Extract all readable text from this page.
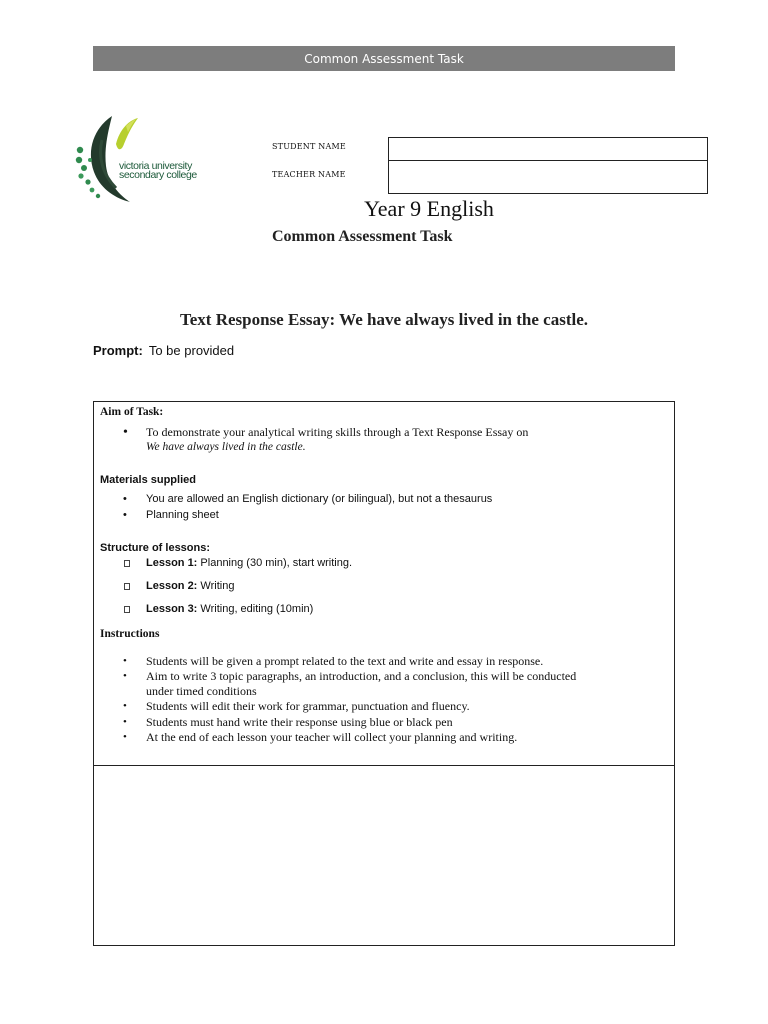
Common Assessment Task
victoria university
secondary college
STUDENT NAME
TEACHER NAME
Year 9 English
Common Assessment Task
Text Response Essay: We have always lived in the castle.
Prompt: To be provided
Aim of Task:
• To demonstrate your analytical writing skills through a Text Response Essay on
We have always lived in the castle.
Materials supplied
• You are allowed an English dictionary (or bilingual), but not a thesaurus
• Planning sheet
Structure of lessons:
Lesson 1: Planning (30 min), start writing.
Lesson 2: Writing
Lesson 3: Writing, editing (10min)
Instructions
• Students will be given a prompt related to the text and write and essay in response.
• Aim to write 3 topic paragraphs, an introduction, and a conclusion, this will be conducted
under timed conditions
• Students will edit their work for grammar, punctuation and fluency.
• Students must hand write their response using blue or black pen
• At the end of each lesson your teacher will collect your planning and writing.
